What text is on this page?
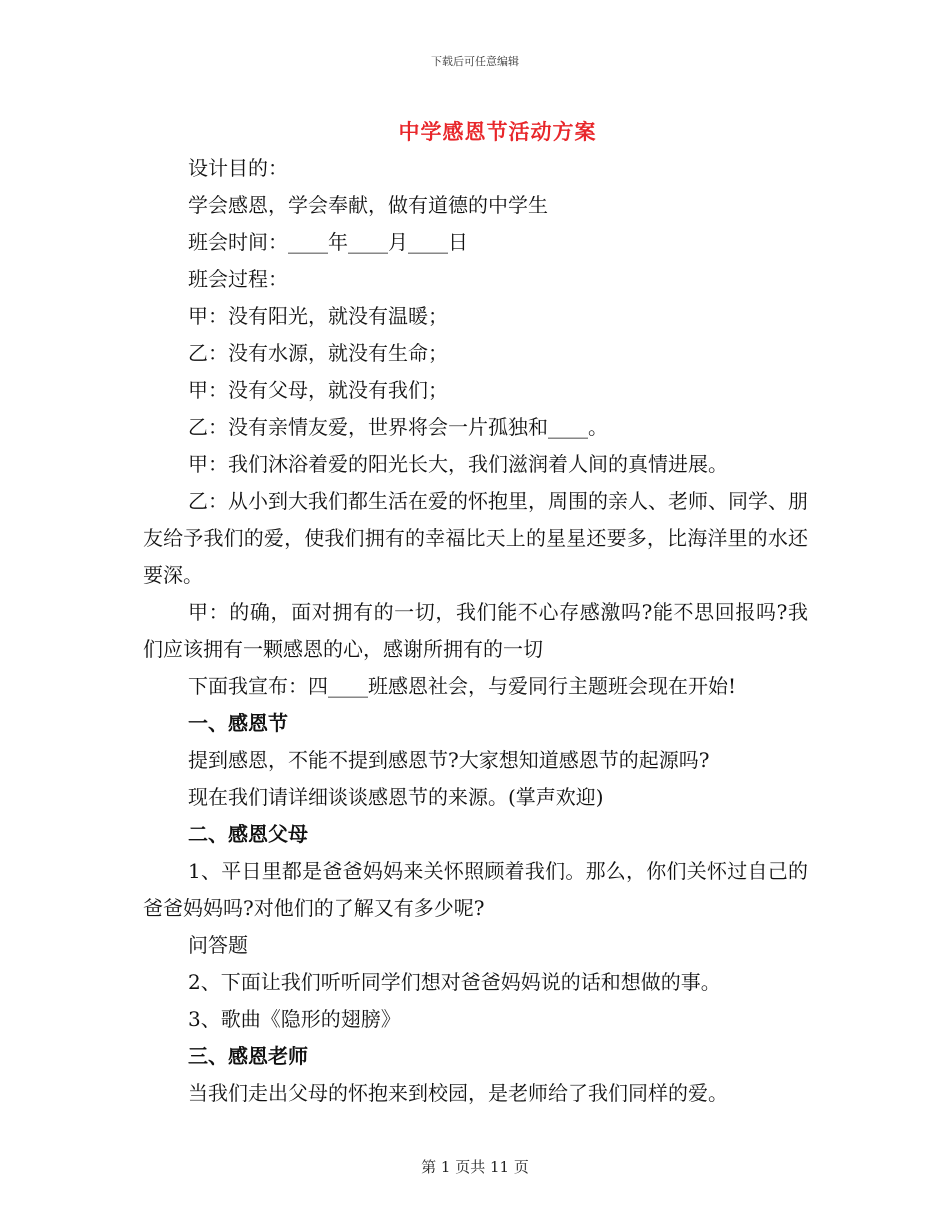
下载后可任意编辑
中学感恩节活动方案
设计目的：
学会感恩，学会奉献，做有道德的中学生
班会时间：____年____月____日
班会过程：
甲：没有阳光，就没有温暖；
乙：没有水源，就没有生命；
甲：没有父母，就没有我们；
乙：没有亲情友爱，世界将会一片孤独和____。
甲：我们沐浴着爱的阳光长大，我们滋润着人间的真情进展。
乙：从小到大我们都生活在爱的怀抱里，周围的亲人、老师、同学、朋友给予我们的爱，使我们拥有的幸福比天上的星星还要多，比海洋里的水还要深。
甲：的确，面对拥有的一切，我们能不心存感激吗?能不思回报吗?我们应该拥有一颗感恩的心，感谢所拥有的一切
下面我宣布：四____班感恩社会，与爱同行主题班会现在开始!
一、感恩节
提到感恩，不能不提到感恩节?大家想知道感恩节的起源吗?
现在我们请详细谈谈感恩节的来源。(掌声欢迎)
二、感恩父母
1、平日里都是爸爸妈妈来关怀照顾着我们。那么，你们关怀过自己的爸爸妈妈吗?对他们的了解又有多少呢?
问答题
2、下面让我们听听同学们想对爸爸妈妈说的话和想做的事。
3、歌曲《隐形的翅膀》
三、感恩老师
当我们走出父母的怀抱来到校园，是老师给了我们同样的爱。
第 1 页共 11 页
